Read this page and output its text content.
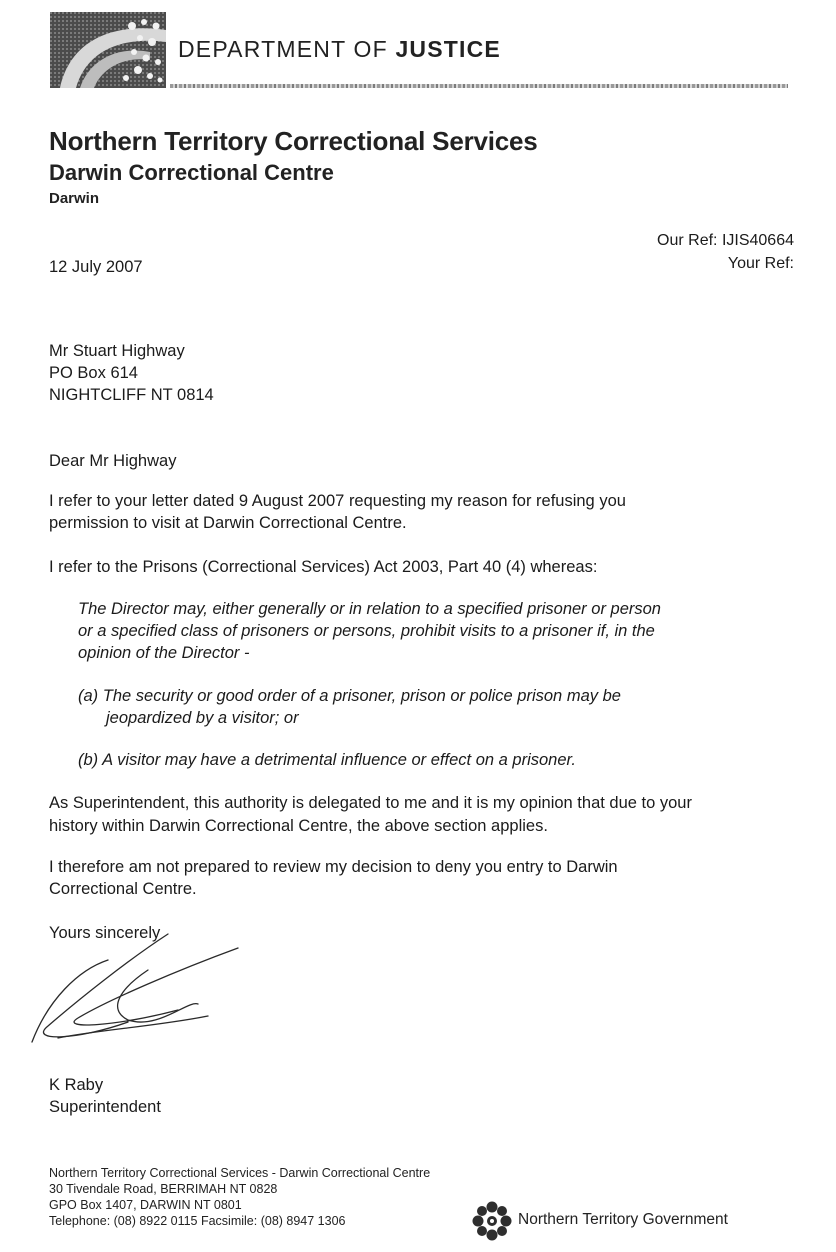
DEPARTMENT OF JUSTICE
Northern Territory Correctional Services
Darwin Correctional Centre
Darwin
Our Ref: IJIS40664
Your Ref:
12 July 2007
Mr Stuart Highway
PO Box 614
NIGHTCLIFF NT 0814
Dear Mr Highway
I refer to your letter dated 9 August 2007 requesting my reason for refusing you
permission to visit at Darwin Correctional Centre.
I refer to the Prisons (Correctional Services) Act 2003, Part 40 (4) whereas:
The Director may, either generally or in relation to a specified prisoner or person
or a specified class of prisoners or persons, prohibit visits to a prisoner if, in the
opinion of the Director -
(a) The security or good order of a prisoner, prison or police prison may be
jeopardized by a visitor; or
(b) A visitor may have a detrimental influence or effect on a prisoner.
As Superintendent, this authority is delegated to me and it is my opinion that due to your
history within Darwin Correctional Centre, the above section applies.
I therefore am not prepared to review my decision to deny you entry to Darwin
Correctional Centre.
Yours sincerely
K Raby
Superintendent
Northern Territory Correctional Services - Darwin Correctional Centre
30 Tivendale Road, BERRIMAH NT 0828
GPO Box 1407, DARWIN NT 0801
Telephone: (08) 8922 0115 Facsimile: (08) 8947 1306	Northern Territory Government
